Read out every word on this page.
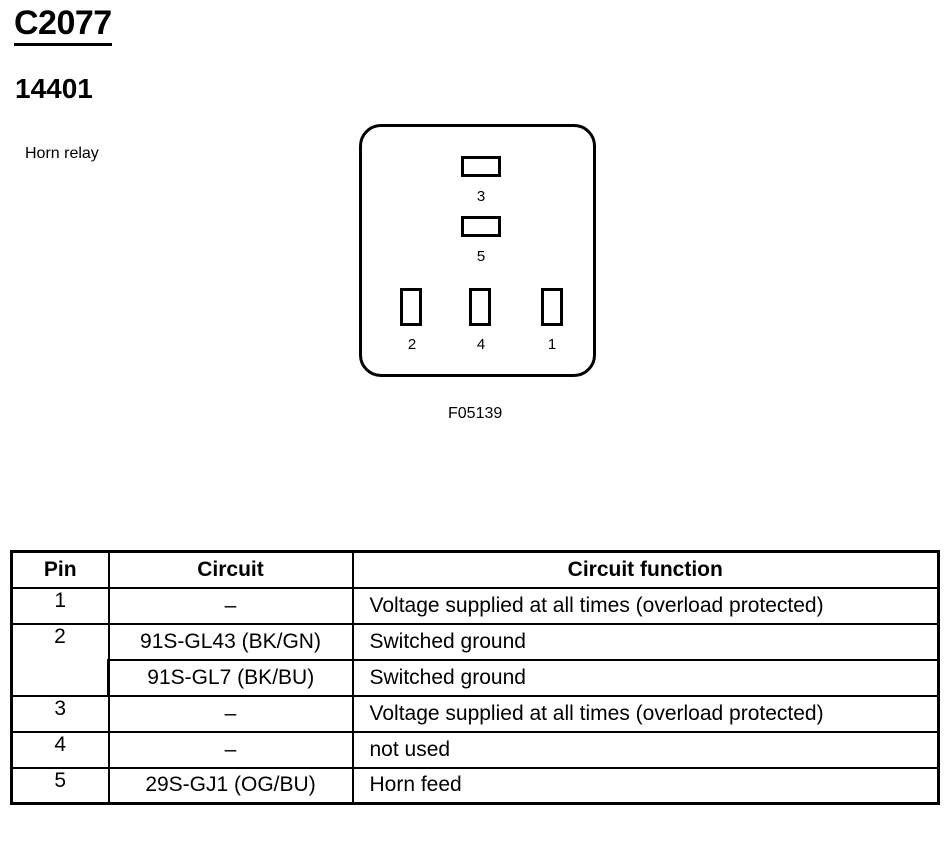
C2077
14401
Horn relay
3
5
2	4	1
F05139
Pin	Circuit	Circuit function
1	–	Voltage supplied at all times (overload protected)
2	91S-GL43 (BK/GN)	Switched ground
	91S-GL7 (BK/BU)	Switched ground
3	–	Voltage supplied at all times (overload protected)
4	–	not used
5	29S-GJ1 (OG/BU)	Horn feed
